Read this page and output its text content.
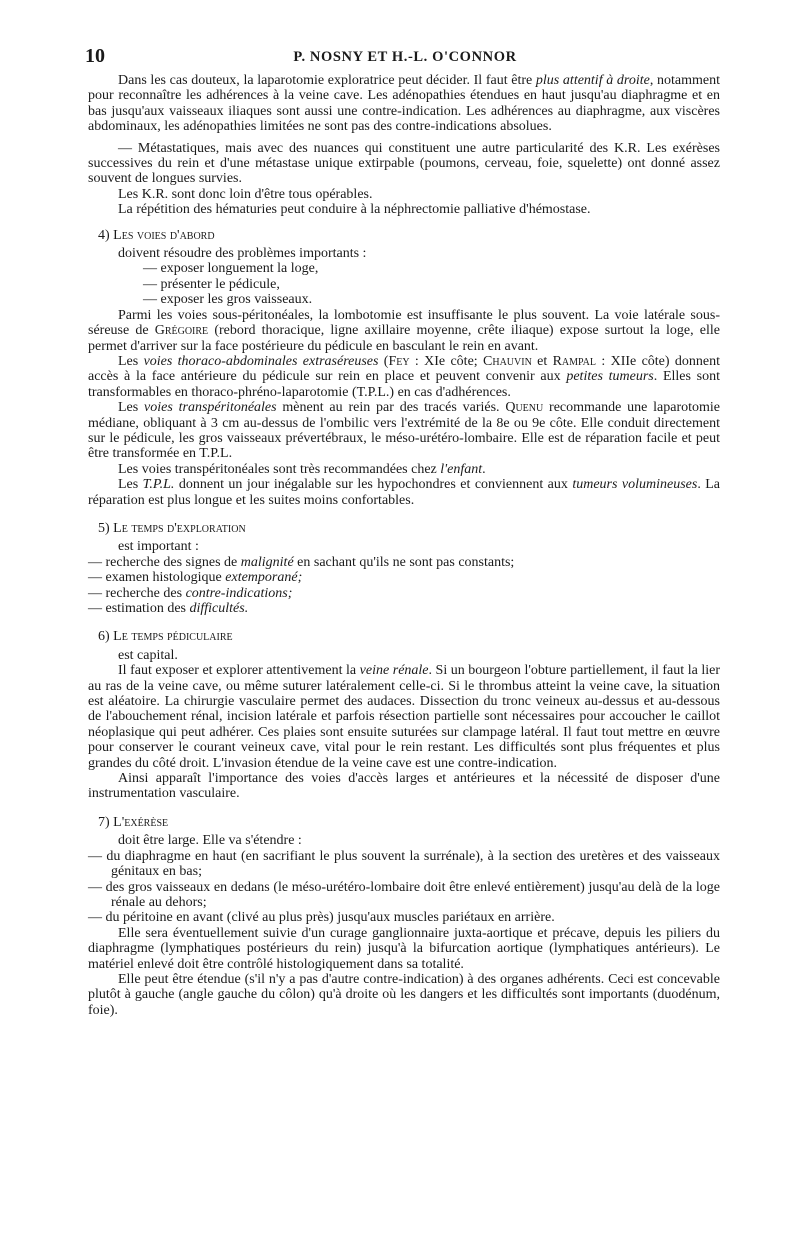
10	P. NOSNY ET H.-L. O'CONNOR

Dans les cas douteux, la laparotomie exploratrice peut décider. Il faut être plus attentif à droite, notamment pour reconnaître les adhérences à la veine cave. Les adénopathies étendues en haut jusqu'au diaphragme et en bas jusqu'aux vaisseaux iliaques sont aussi une contre-indication. Les adhérences au diaphragme, aux viscères abdominaux, les adénopathies limitées ne sont pas des contre-indications absolues.

— Métastatiques, mais avec des nuances qui constituent une autre particularité des K.R. Les exérèses successives du rein et d'une métastase unique extirpable (poumons, cerveau, foie, squelette) ont donné assez souvent de longues survies.

Les K.R. sont donc loin d'être tous opérables.

La répétition des hématuries peut conduire à la néphrectomie palliative d'hémostase.

4) Les voies d'abord

doivent résoudre des problèmes importants :

— exposer longuement la loge,

— présenter le pédicule,

— exposer les gros vaisseaux.

Parmi les voies sous-péritonéales, la lombotomie est insuffisante le plus souvent. La voie latérale sous-séreuse de Grégoire (rebord thoracique, ligne axillaire moyenne, crête iliaque) expose surtout la loge, elle permet d'arriver sur la face postérieure du pédicule en basculant le rein en avant.

Les voies thoraco-abdominales extraséreuses (Fey : XIe côte; Chauvin et Rampal : XIIe côte) donnent accès à la face antérieure du pédicule sur rein en place et peuvent convenir aux petites tumeurs. Elles sont transformables en thoraco-phréno-laparotomie (T.P.L.) en cas d'adhérences.

Les voies transpéritonéales mènent au rein par des tracés variés. Quenu recommande une laparotomie médiane, obliquant à 3 cm au-dessus de l'ombilic vers l'extrémité de la 8e ou 9e côte. Elle conduit directement sur le pédicule, les gros vaisseaux prévertébraux, le méso-urétéro-lombaire. Elle est de réparation facile et peut être transformée en T.P.L.

Les voies transpéritonéales sont très recommandées chez l'enfant.

Les T.P.L. donnent un jour inégalable sur les hypochondres et conviennent aux tumeurs volumineuses. La réparation est plus longue et les suites moins confortables.

5) Le temps d'exploration

est important :

— recherche des signes de malignité en sachant qu'ils ne sont pas constants;

— examen histologique extemporané;

— recherche des contre-indications;

— estimation des difficultés.

6) Le temps pédiculaire

est capital.

Il faut exposer et explorer attentivement la veine rénale. Si un bourgeon l'obture partiellement, il faut la lier au ras de la veine cave, ou même suturer latéralement celle-ci. Si le thrombus atteint la veine cave, la situation est aléatoire. La chirurgie vasculaire permet des audaces. Dissection du tronc veineux au-dessus et au-dessous de l'abouchement rénal, incision latérale et parfois résection partielle sont nécessaires pour accoucher le caillot néoplasique qui peut adhérer. Ces plaies sont ensuite suturées sur clampage latéral. Il faut tout mettre en œuvre pour conserver le courant veineux cave, vital pour le rein restant. Les difficultés sont plus fréquentes et plus grandes du côté droit. L'invasion étendue de la veine cave est une contre-indication.

Ainsi apparaît l'importance des voies d'accès larges et antérieures et la nécessité de disposer d'une instrumentation vasculaire.

7) L'exérèse

doit être large. Elle va s'étendre :

— du diaphragme en haut (en sacrifiant le plus souvent la surrénale), à la section des uretères et des vaisseaux génitaux en bas;

— des gros vaisseaux en dedans (le méso-urétéro-lombaire doit être enlevé entièrement) jusqu'au delà de la loge rénale au dehors;

— du péritoine en avant (clivé au plus près) jusqu'aux muscles pariétaux en arrière.

Elle sera éventuellement suivie d'un curage ganglionnaire juxta-aortique et précave, depuis les piliers du diaphragme (lymphatiques postérieurs du rein) jusqu'à la bifurcation aortique (lymphatiques antérieurs). Le matériel enlevé doit être contrôlé histologiquement dans sa totalité.

Elle peut être étendue (s'il n'y a pas d'autre contre-indication) à des organes adhérents. Ceci est concevable plutôt à gauche (angle gauche du côlon) qu'à droite où les dangers et les difficultés sont importants (duodénum, foie).
